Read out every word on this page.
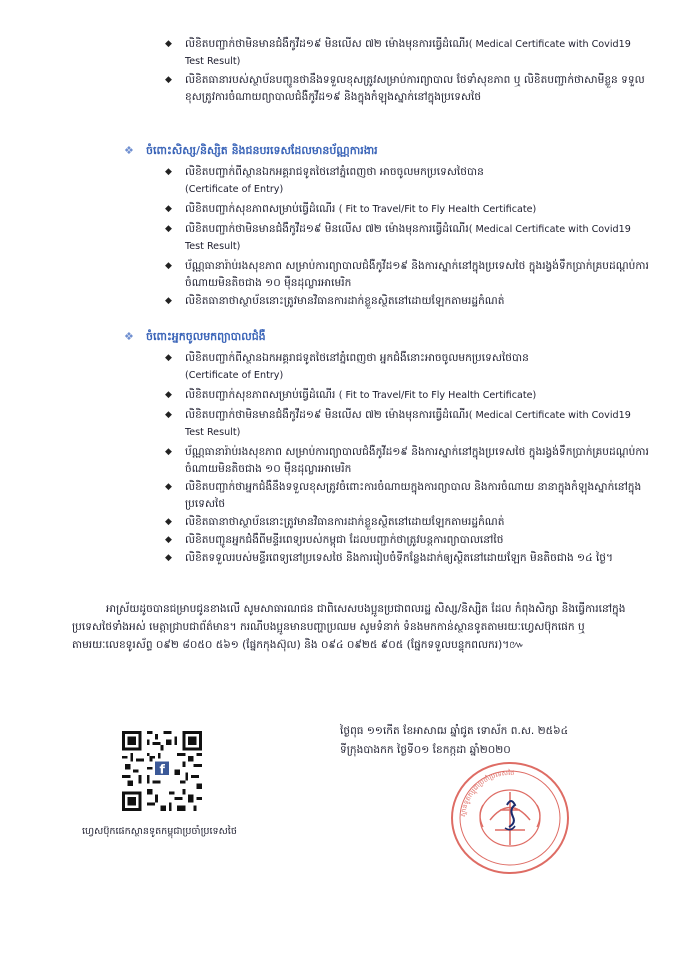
◆ លិខិតបញ្ជាក់ថាមិនមានជំងឺកូវីដ១៩ មិនលើស ៧២ ម៉ោងមុនការធ្វើដំណើរ( Medical Certificate with Covid19 Test Result)
◆ លិខិតធានារបស់ស្ថាប័នបញ្ជូនថានឹងទទួលខុសត្រូវសម្រាប់ការព្យាបាល ថែទាំសុខភាព ឬ លិខិតបញ្ជាក់ថាសាមីខ្លួន ទទួលខុសត្រូវការចំណាយព្យាបាលជំងឺកូវីដ១៩ និងក្នុងកំឡុងស្នាក់នៅក្នុងប្រទេសថៃ
❖ ចំពោះសិស្ស/និស្សិត និងជនបរទេសដែលមានប័ណ្ណការងារ
◆ លិខិតបញ្ជាក់ពីស្ថានឯកអគ្គរាជទូតថៃនៅភ្នំពេញថា អាចចូលមកប្រទេសថៃបាន
(Certificate of Entry)
◆ លិខិតបញ្ជាក់សុខភាពសម្រាប់ធ្វើដំណើរ ( Fit to Travel/Fit to Fly Health Certificate)
◆ លិខិតបញ្ជាក់ថាមិនមានជំងឺកូវីដ១៩ មិនលើស ៧២ ម៉ោងមុនការធ្វើដំណើរ( Medical Certificate with Covid19 Test Result)
◆ ប័ណ្ណធានារ៉ាប់រងសុខភាព សម្រាប់ការព្យាបាលជំងឺកូវីដ១៩ និងការស្នាក់នៅក្នុងប្រទេសថៃ ក្នុងរង្វង់ទឹកប្រាក់គ្របដណ្តប់ការចំណាយមិនតិចជាង ១០ ម៉ឺនដុល្លារអាមេរិក
◆ លិខិតធានាថាស្ថាប័ននោះត្រូវមានវិធានការដាក់ខ្លួនស្ថិតនៅដោយឡែកតាមរដ្ឋកំណត់
❖ ចំពោះអ្នកចូលមកព្យាបាលជំងឺ
◆ លិខិតបញ្ជាក់ពីស្ថានឯកអគ្គរាជទូតថៃនៅភ្នំពេញថា អ្នកជំងឺនោះអាចចូលមកប្រទេសថៃបាន
(Certificate of Entry)
◆ លិខិតបញ្ជាក់សុខភាពសម្រាប់ធ្វើដំណើរ ( Fit to Travel/Fit to Fly Health Certificate)
◆ លិខិតបញ្ជាក់ថាមិនមានជំងឺកូវីដ១៩ មិនលើស ៧២ ម៉ោងមុនការធ្វើដំណើរ( Medical Certificate with Covid19 Test Result)
◆ ប័ណ្ណធានារ៉ាប់រងសុខភាព សម្រាប់ការព្យាបាលជំងឺកូវីដ១៩ និងការស្នាក់នៅក្នុងប្រទេសថៃ ក្នុងរង្វង់ទឹកប្រាក់គ្របដណ្តប់ការចំណាយមិនតិចជាង ១០ ម៉ឺនដុល្លារអាមេរិក
◆ លិខិតបញ្ជាក់ថាអ្នកជំងឺនឹងទទួលខុសត្រូវចំពោះការចំណាយក្នុងការព្យាបាល និងការចំណាយ នានាក្នុងកំឡុងស្នាក់នៅក្នុងប្រទេសថៃ
◆ លិខិតធានាថាស្ថាប័ននោះត្រូវមានវិធានការដាក់ខ្លួនស្ថិតនៅដោយឡែកតាមរដ្ឋកំណត់
◆ លិខិតបញ្ជូនអ្នកជំងឺពីមន្ទីរពេទ្យរបស់កម្ពុជា ដែលបញ្ជាក់ថាត្រូវបន្តការព្យាបាលនៅថៃ
◆ លិខិតទទួលរបស់មន្ទីរពេទ្យនៅប្រទេសថៃ និងការរៀបចំទីកន្លែងដាក់ឲ្យស្ថិតនៅដោយឡែក មិនតិចជាង ១៤ ថ្ងៃ។
អាស្រ័យដូចបានជម្រាបជូនខាងលើ សូមសាធារណជន ជាពិសេសបងប្អូនប្រជាពលរដ្ឋ សិស្ស/និស្សិត ដែល កំពុងសិក្សា និងធ្វើការនៅក្នុងប្រទេសថៃទាំងអស់ មេត្តាជ្រាបជាព័ត៌មាន។ ករណីបងប្អូនមានបញ្ហាប្រឈម សូមទំនាក់ ទំនងមកកាន់ស្ថានទូតតាមរយៈហ្វេសប៊ុកផេក ឬតាមរយៈលេខទូរស័ព្ទ ០៩២ ៨០៥០ ៥៦១ (ផ្នែកកុងស៊ុល) និង ០៩៤ ០៩២៥ ៩០៥ (ផ្នែកទទួលបន្ទុកពលករ)។៚
ថ្ងៃពុធ ១១កើត ខែអាសាឍ ឆ្នាំជូត ទោស័ក ព.ស. ២៥៦៤
ទីក្រុងបាងកក ថ្ងៃទី០១ ខែកក្កដា ឆ្នាំ២០២០
f
ហ្វេសប៊ុកផេកស្ថានទូតកម្ពុជាប្រចាំប្រទេសថៃ
ស្ថានទូតកម្ពុជាប្រចាំប្រទេសថៃ
